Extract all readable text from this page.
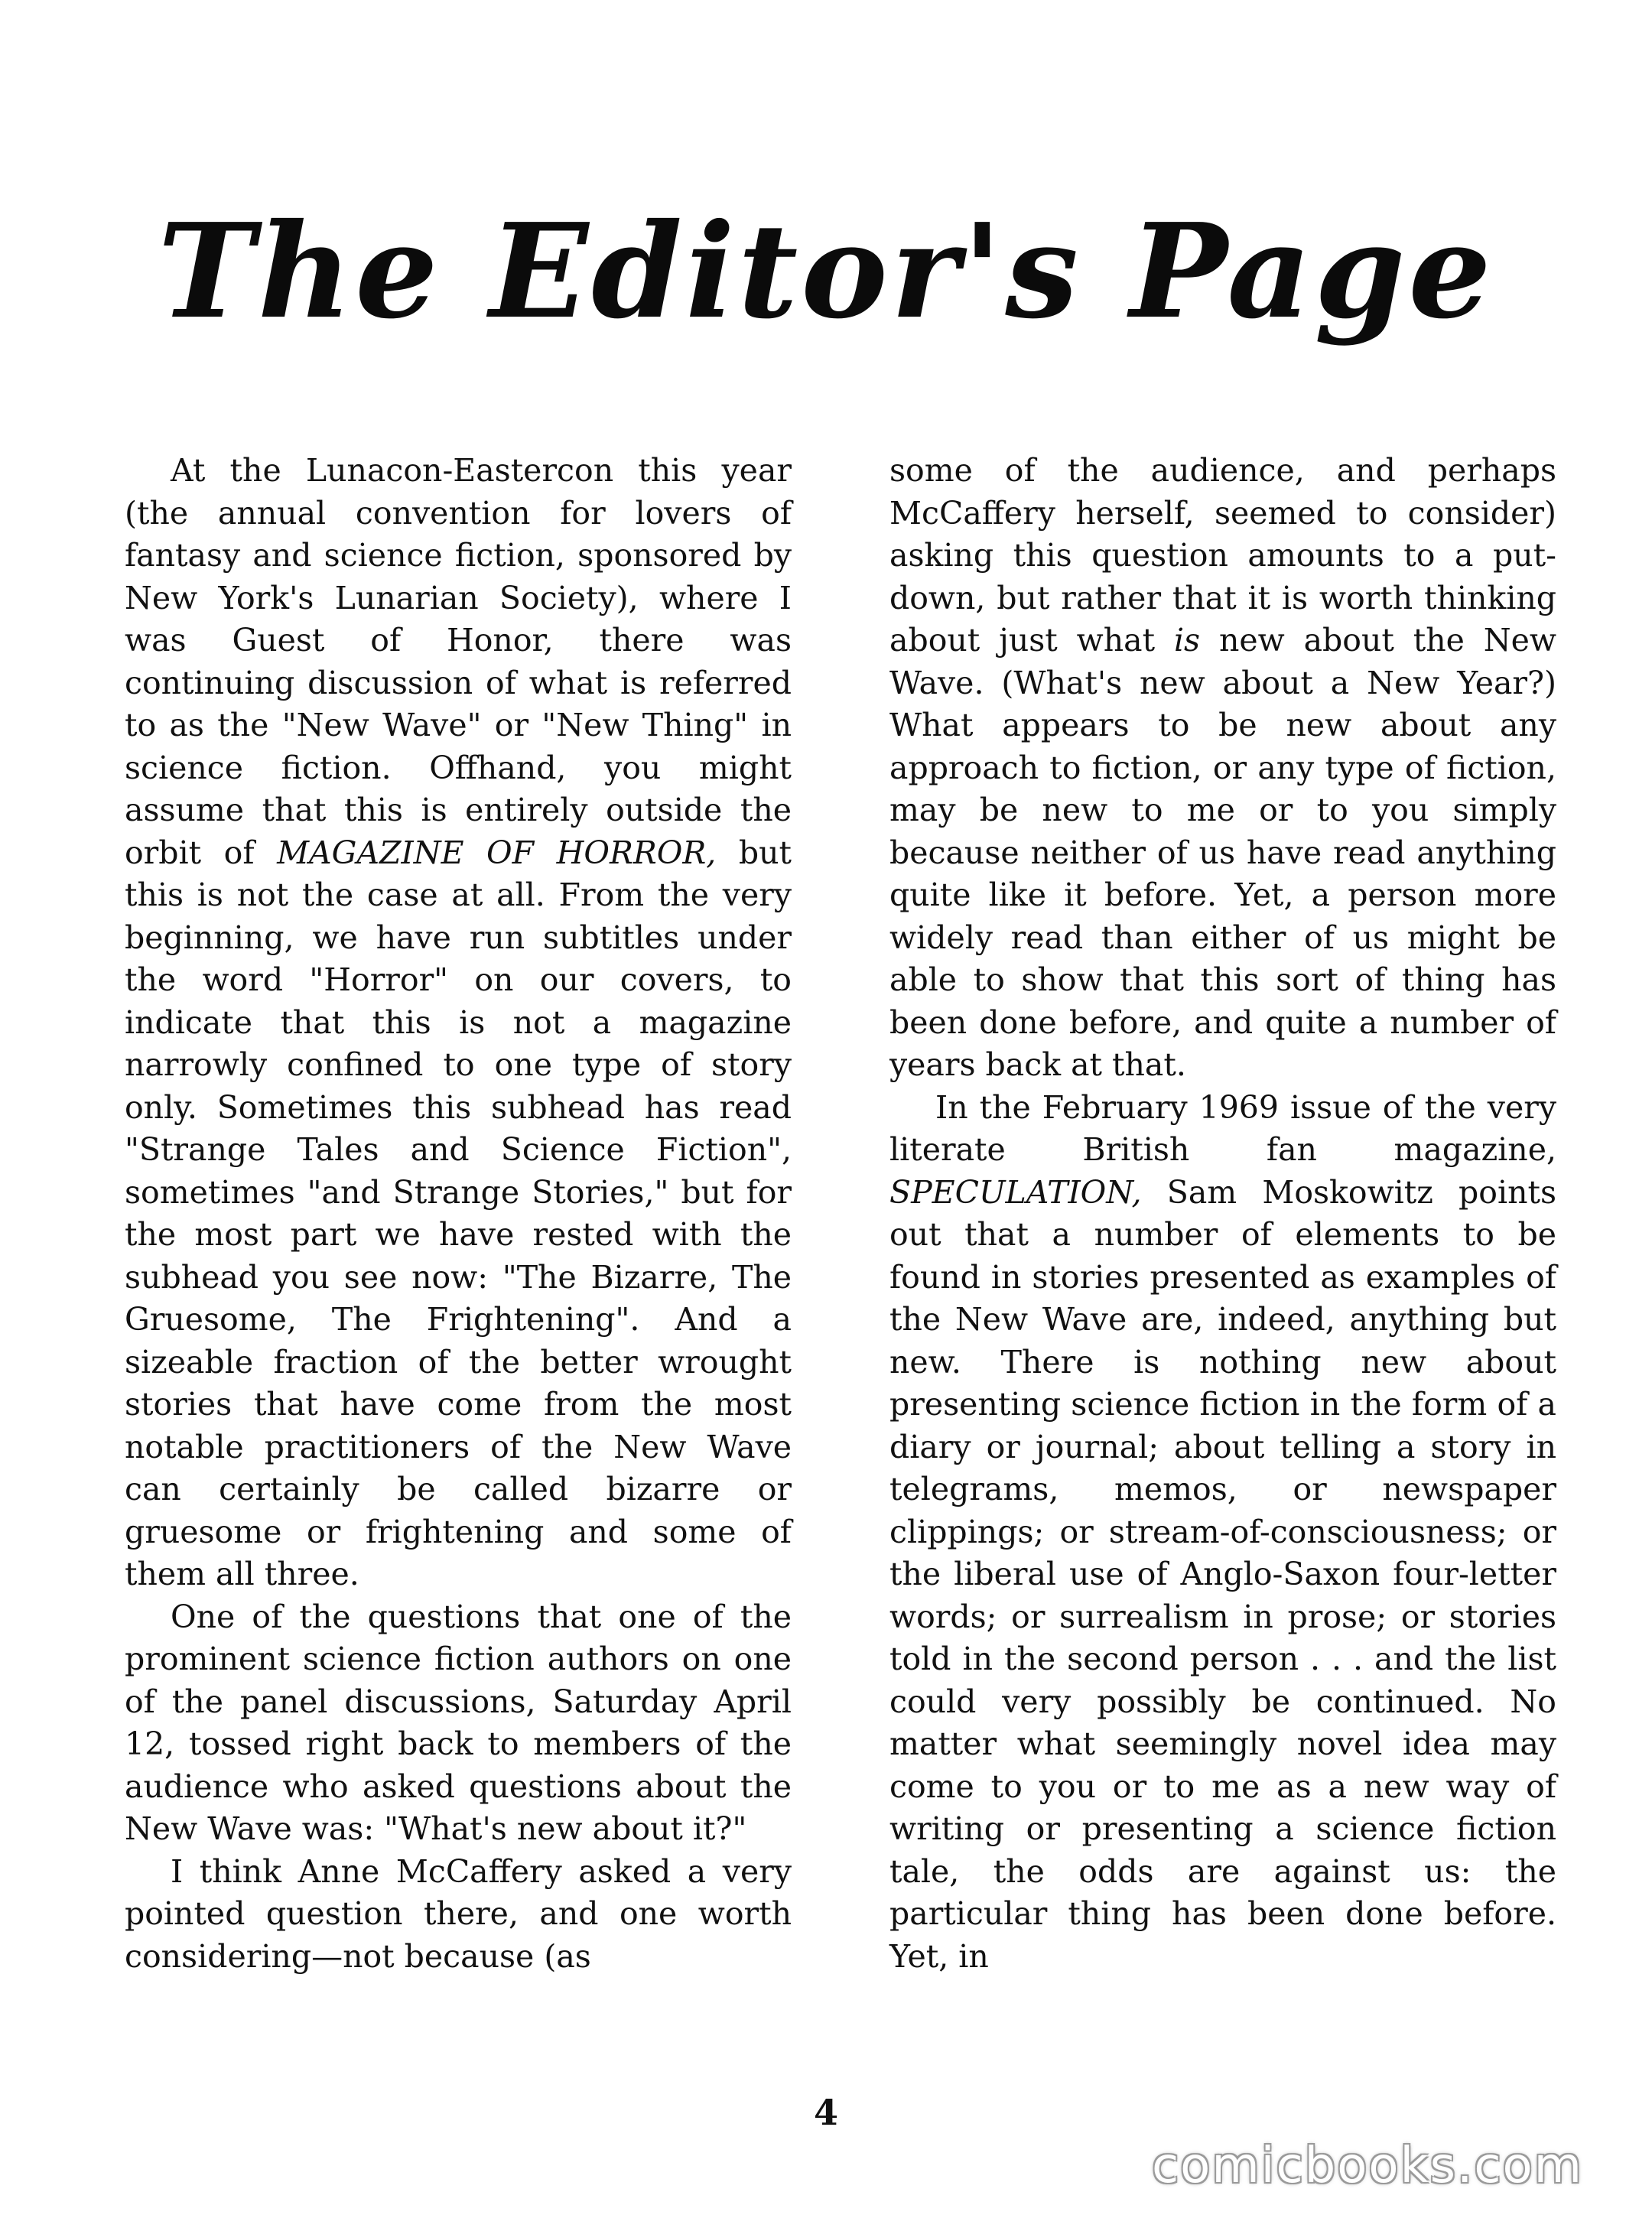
The Editor's Page

At the Lunacon-Eastercon this year (the annual convention for lovers of fantasy and science fiction, sponsored by New York's Lunarian Society), where I was Guest of Honor, there was continuing discussion of what is referred to as the "New Wave" or "New Thing" in science fiction. Offhand, you might assume that this is entirely outside the orbit of MAGAZINE OF HORROR, but this is not the case at all. From the very beginning, we have run subtitles under the word "Horror" on our covers, to indicate that this is not a magazine narrowly confined to one type of story only. Sometimes this subhead has read "Strange Tales and Science Fiction", sometimes "and Strange Stories," but for the most part we have rested with the subhead you see now: "The Bizarre, The Gruesome, The Frightening". And a sizeable fraction of the better wrought stories that have come from the most notable practitioners of the New Wave can certainly be called bizarre or gruesome or frightening and some of them all three.

One of the questions that one of the prominent science fiction authors on one of the panel discussions, Saturday April 12, tossed right back to members of the audience who asked questions about the New Wave was: "What's new about it?"

I think Anne McCaffery asked a very pointed question there, and one worth considering—not because (as

some of the audience, and perhaps McCaffery herself, seemed to consider) asking this question amounts to a put-down, but rather that it is worth thinking about just what is new about the New Wave. (What's new about a New Year?) What appears to be new about any approach to fiction, or any type of fiction, may be new to me or to you simply because neither of us have read anything quite like it before. Yet, a person more widely read than either of us might be able to show that this sort of thing has been done before, and quite a number of years back at that.

In the February 1969 issue of the very literate British fan magazine, SPECULATION, Sam Moskowitz points out that a number of elements to be found in stories presented as examples of the New Wave are, indeed, anything but new. There is nothing new about presenting science fiction in the form of a diary or journal; about telling a story in telegrams, memos, or newspaper clippings; or stream-of-consciousness; or the liberal use of Anglo-Saxon four-letter words; or surrealism in prose; or stories told in the second person . . . and the list could very possibly be continued. No matter what seemingly novel idea may come to you or to me as a new way of writing or presenting a science fiction tale, the odds are against us: the particular thing has been done before. Yet, in

4
comicbooks.com
